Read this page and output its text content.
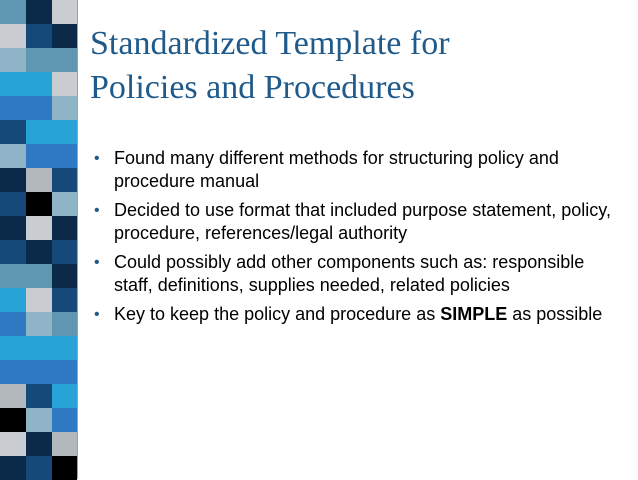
Standardized Template for
Policies and Procedures
• Found many different methods for structuring policy and procedure manual
• Decided to use format that included purpose statement, policy, procedure, references/legal authority
• Could possibly add other components such as: responsible staff, definitions, supplies needed, related policies
• Key to keep the policy and procedure as SIMPLE as possible
